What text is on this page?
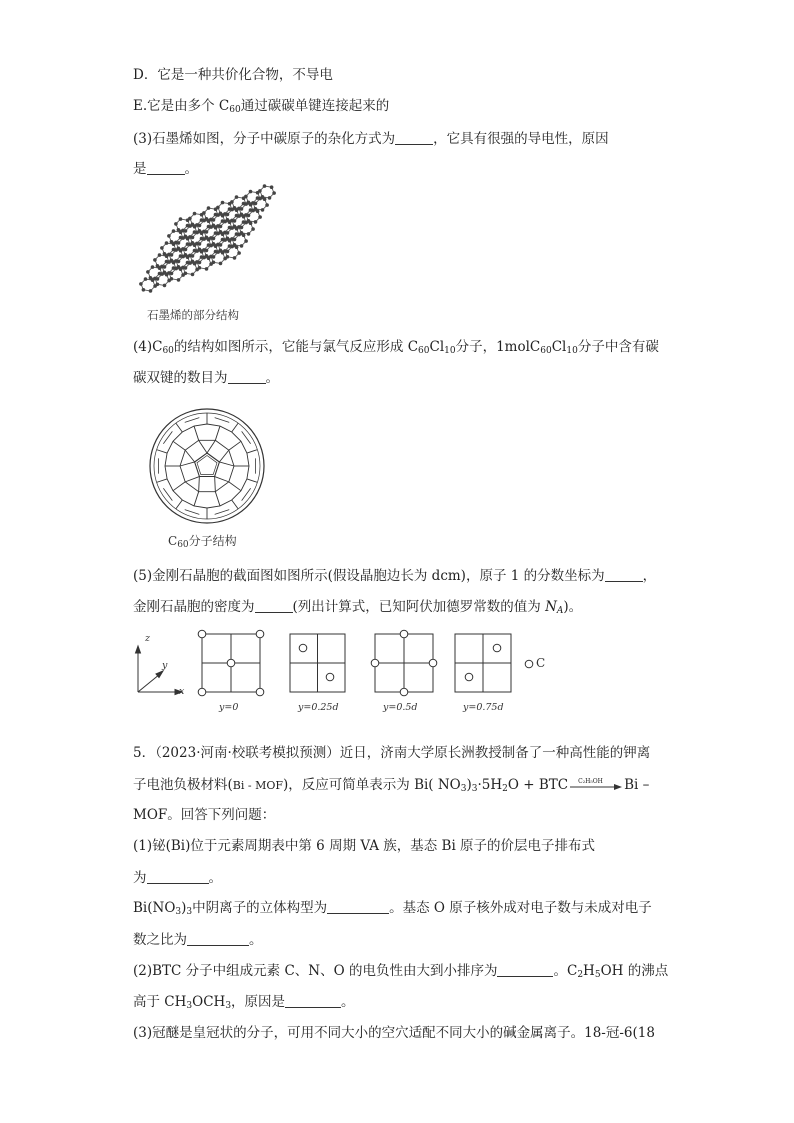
D．它是一种共价化合物，不导电
E.它是由多个 $C_{60}$通过碳碳单键连接起来的
(3)石墨烯如图，分子中碳原子的杂化方式为	，它具有很强的导电性，原因
是	。
石墨烯的部分结构
$(4)C_{60}$的结构如图所示，它能与氯气反应形成 $C_{60}Cl_{10}$分子，$1molC_{60}Cl_{10}$分子中含有碳
碳双键的数目为	。
$C_{60}$分子结构
(5)金刚石晶胞的截面图如图所示(假设晶胞边长为 dcm)，原子 1 的分数坐标为	，
金刚石晶胞的密度为	(列出计算式，已知阿伏加德罗常数的值为 $N_A$)。
z
y
x
y=0	y=0.25d	y=0.5d	y=0.75d
C
5．（2023·河南·校联考模拟预测）近日，济南大学原长洲教授制备了一种高性能的钾离
子电池负极材料(Bi - MOF)，反应可简单表示为 Bi( $NO_3)_3\cdot 5H_2O$ + BTC C₂H₅OH Bi –
MOF。回答下列问题：
(1)铋(Bi)位于元素周期表中第 6 周期 VA 族，基态 Bi 原子的价层电子排布式
为	。
$Bi(NO_3)_3$中阴离子的立体构型为	。基态 O 原子核外成对电子数与未成对电子
数之比为	。
(2)BTC 分子中组成元素 C、N、O 的电负性由大到小排序为	。$C_2H_5OH$ 的沸点
高于 $CH_3OCH_3$，原因是	。
(3)冠醚是皇冠状的分子，可用不同大小的空穴适配不同大小的碱金属离子。18-冠-6(18
